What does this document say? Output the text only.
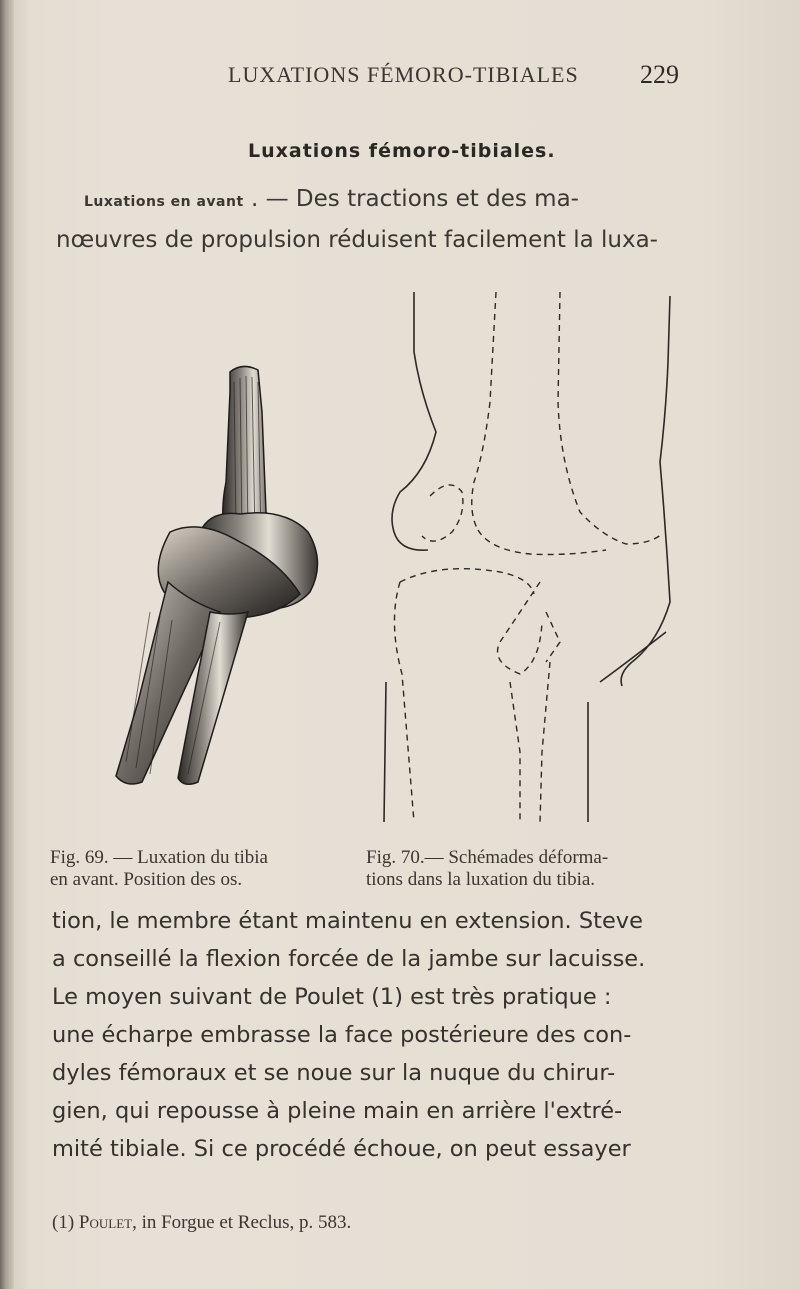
LUXATIONS FÉMORO-TIBIALES	229
Luxations fémoro-tibiales.
Luxations en avant . — Des tractions et des ma-
nœuvres de propulsion réduisent facilement la luxa-
Fig. 69. — Luxation du tibia
en avant. Position des os.
Fig. 70.— Schémades déforma-
tions dans la luxation du tibia.
tion, le membre étant maintenu en extension. Steve
a conseillé la flexion forcée de la jambe sur lacuisse.
Le moyen suivant de Poulet (1) est très pratique :
une écharpe embrasse la face postérieure des con-
dyles fémoraux et se noue sur la nuque du chirur-
gien, qui repousse à pleine main en arrière l'extré-
mité tibiale. Si ce procédé échoue, on peut essayer
(1) Poulet, in Forgue et Reclus, p. 583.
